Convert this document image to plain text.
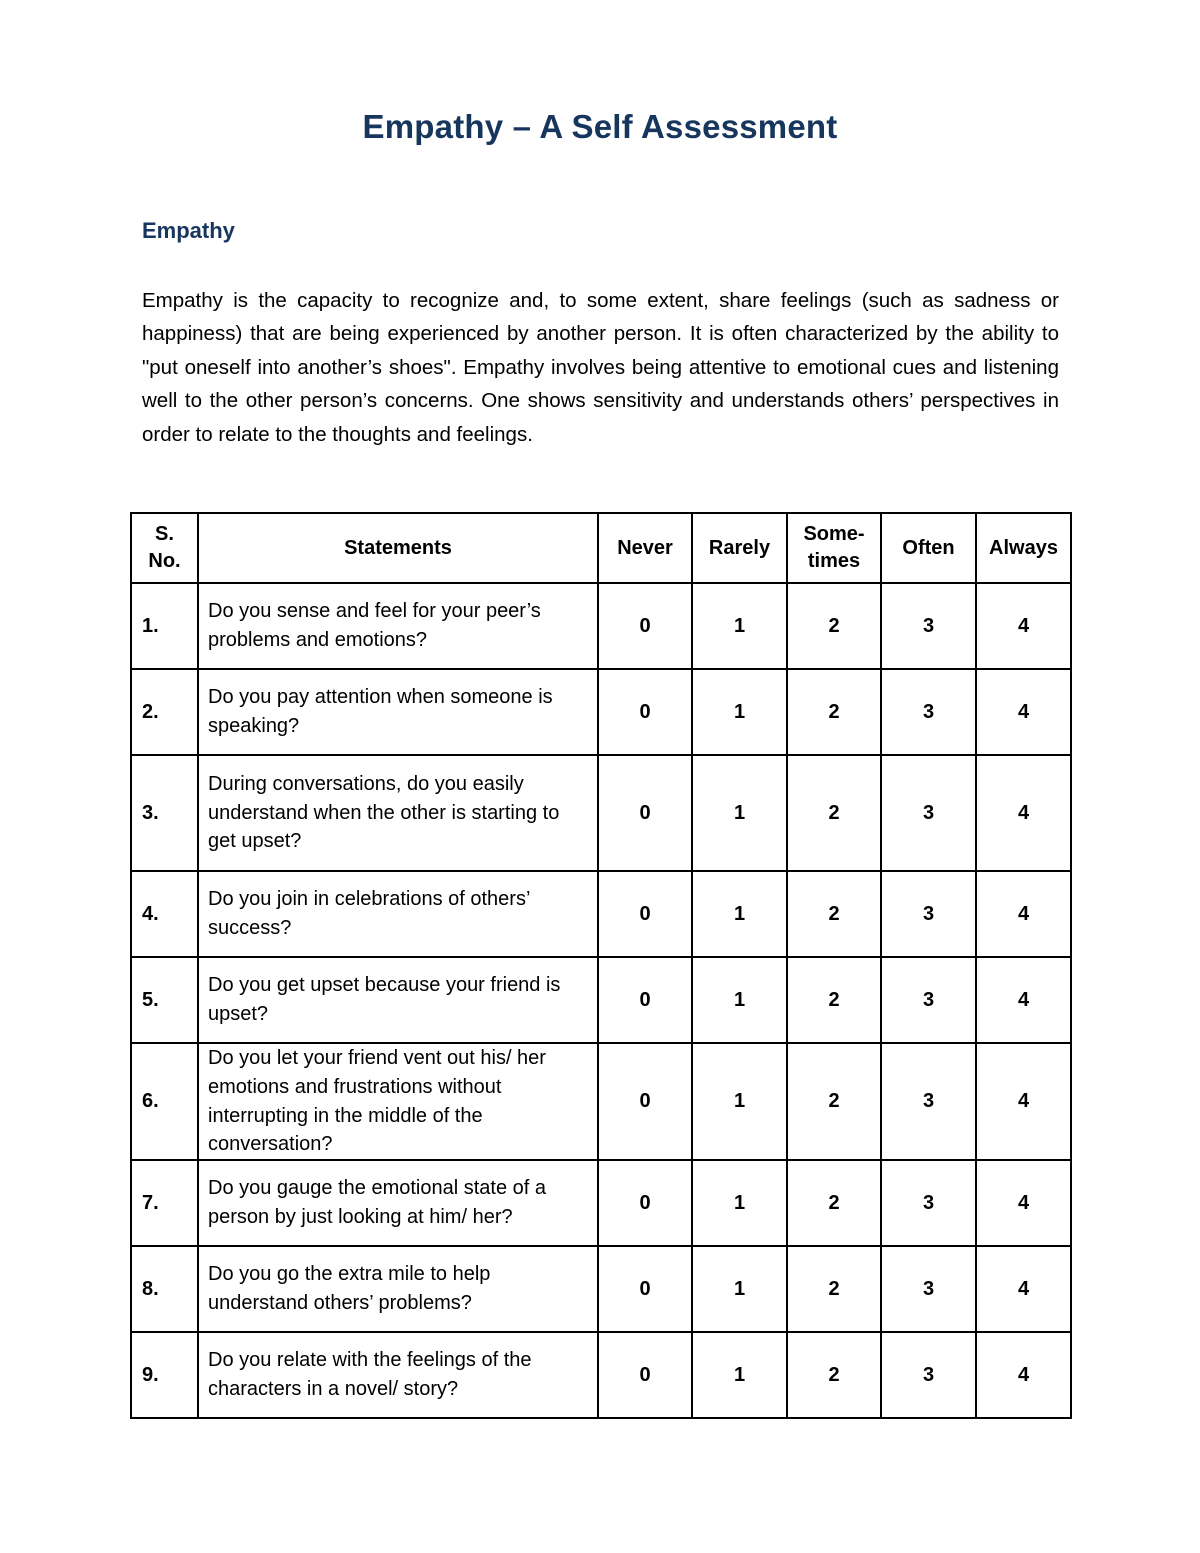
Empathy – A Self Assessment
Empathy

Empathy is the capacity to recognize and, to some extent, share feelings (such as sadness or happiness) that are being experienced by another person. It is often characterized by the ability to "put oneself into another’s shoes". Empathy involves being attentive to emotional cues and listening well to the other person’s concerns. One shows sensitivity and understands others’ perspectives in order to relate to the thoughts and feelings.

S. No.	Statements	Never	Rarely	Some-times	Often	Always
1.	Do you sense and feel for your peer’s problems and emotions?	0	1	2	3	4
2.	Do you pay attention when someone is speaking?	0	1	2	3	4
3.	During conversations, do you easily understand when the other is starting to get upset?	0	1	2	3	4
4.	Do you join in celebrations of others’ success?	0	1	2	3	4
5.	Do you get upset because your friend is upset?	0	1	2	3	4
6.	Do you let your friend vent out his/ her emotions and frustrations without interrupting in the middle of the conversation?	0	1	2	3	4
7.	Do you gauge the emotional state of a person by just looking at him/ her?	0	1	2	3	4
8.	Do you go the extra mile to help understand others’ problems?	0	1	2	3	4
9.	Do you relate with the feelings of the characters in a novel/ story?	0	1	2	3	4
